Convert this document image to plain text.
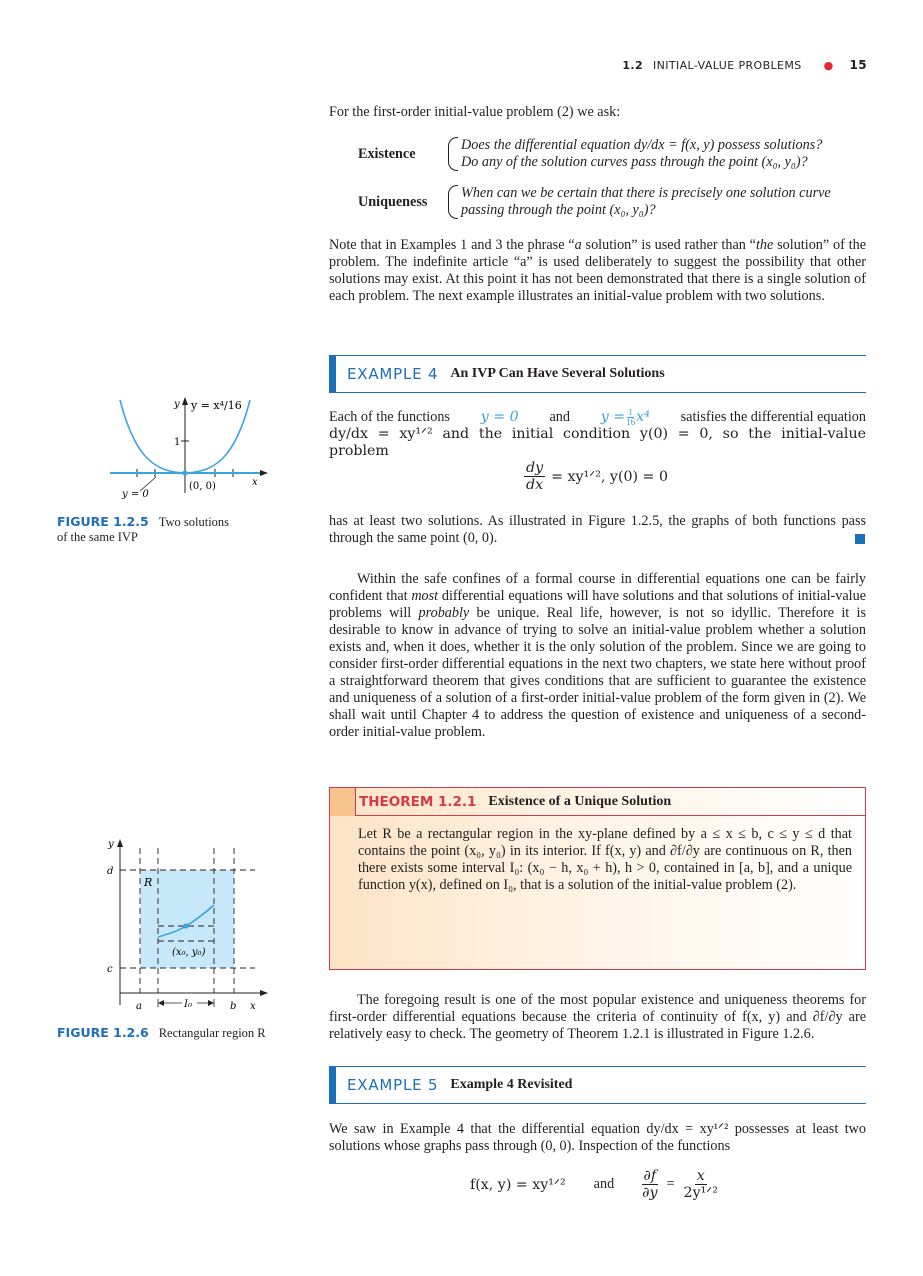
1.2 INITIAL-VALUE PROBLEMS ● 15

For the first-order initial-value problem (2) we ask:

Existence
Does the differential equation dy/dx = f(x, y) possess solutions?
Do any of the solution curves pass through the point (x₀, y₀)?
Uniqueness
When can we be certain that there is precisely one solution curve
passing through the point (x₀, y₀)?

Note that in Examples 1 and 3 the phrase “a solution” is used rather than “the solution” of the problem. The indefinite article “a” is used deliberately to suggest the possibility that other solutions may exist. At this point it has not been demonstrated that there is a single solution of each problem. The next example illustrates an initial-value problem with two solutions.

EXAMPLE 4 An IVP Can Have Several Solutions
Each of the functions y = 0 and $y = \frac{1}{16} x^4$ satisfies the differential equation
dy/dx = xy¹ᐟ² and the initial condition y(0) = 0, so the initial-value problem
$\frac{dy}{dx}$ = xy¹ᐟ², y(0) = 0

has at least two solutions. As illustrated in Figure 1.2.5, the graphs of both functions pass through the same point (0, 0).

Within the safe confines of a formal course in differential equations one can be fairly confident that most differential equations will have solutions and that solutions of initial-value problems will probably be unique. Real life, however, is not so idyllic. Therefore it is desirable to know in advance of trying to solve an initial-value problem whether a solution exists and, when it does, whether it is the only solution of the problem. Since we are going to consider first-order differential equations in the next two chapters, we state here without proof a straightforward theorem that gives conditions that are sufficient to guarantee the existence and uniqueness of a solution of a first-order initial-value problem of the form given in (2). We shall wait until Chapter 4 to address the question of existence and uniqueness of a second-order initial-value problem.

THEOREM 1.2.1 Existence of a Unique Solution

Let R be a rectangular region in the xy-plane defined by a ≤ x ≤ b, c ≤ y ≤ d that contains the point (x₀, y₀) in its interior. If f(x, y) and ∂f/∂y are continuous on R, then there exists some interval I₀: (x₀ − h, x₀ + h), h > 0, contained in [a, b], and a unique function y(x), defined on I₀, that is a solution of the initial-value problem (2).

The foregoing result is one of the most popular existence and uniqueness theorems for first-order differential equations because the criteria of continuity of f(x, y) and ∂f/∂y are relatively easy to check. The geometry of Theorem 1.2.1 is illustrated in Figure 1.2.6.

EXAMPLE 5 Example 4 Revisited

We saw in Example 4 that the differential equation dy/dx = xy¹ᐟ² possesses at least two solutions whose graphs pass through (0, 0). Inspection of the functions

f(x, y) = xy¹ᐟ² and $\frac{\partial f}{\partial y} = \frac{x}{\text{2y¹ᐟ²}}$
y y = x⁴/16
1
(0, 0)	x
y = 0
FIGURE 1.2.5 Two solutions
of the same IVP
y
d
c
a	b x
R
(x₀, y₀)
I₀
FIGURE 1.2.6 Rectangular region R
